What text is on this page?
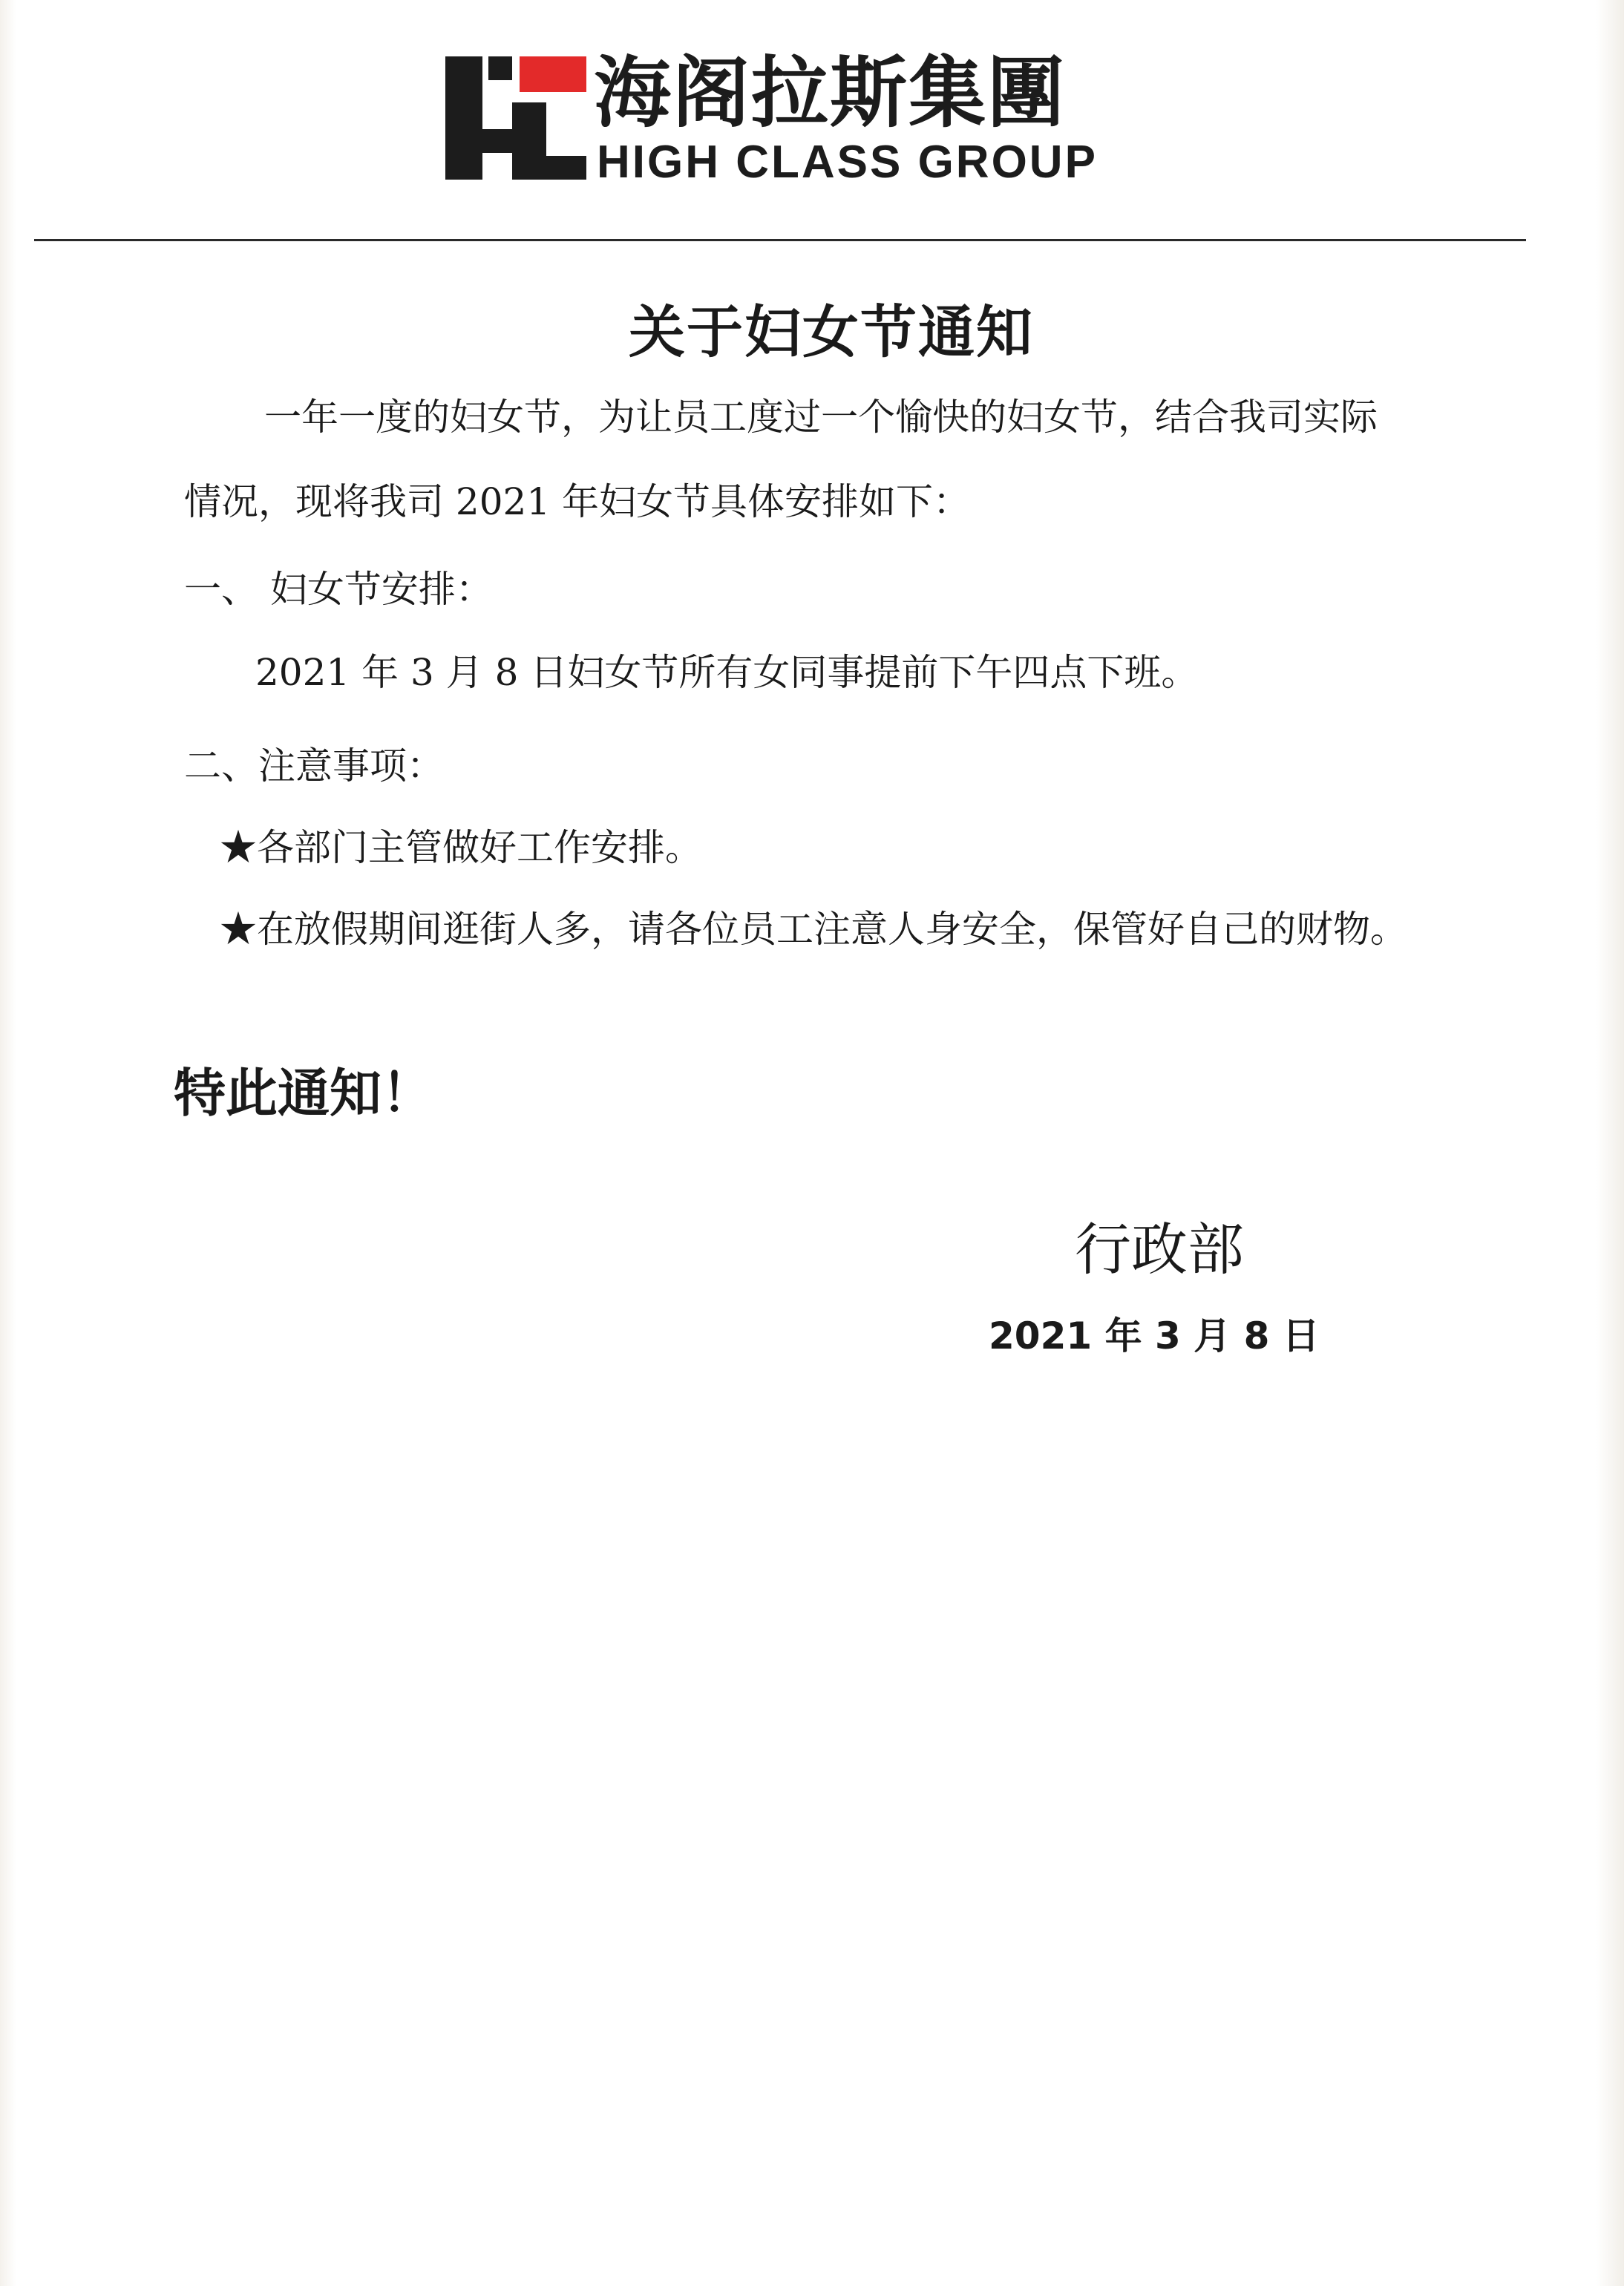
海阁拉斯集團
HIGH CLASS GROUP
关于妇女节通知
一年一度的妇女节，为让员工度过一个愉快的妇女节，结合我司实际
情况，现将我司 2021 年妇女节具体安排如下：
一、 妇女节安排：
2021 年 3 月 8 日妇女节所有女同事提前下午四点下班。
二、注意事项：
★各部门主管做好工作安排。
★在放假期间逛街人多，请各位员工注意人身安全，保管好自己的财物。
特此通知！
行政部
2021 年 3 月 8 日
